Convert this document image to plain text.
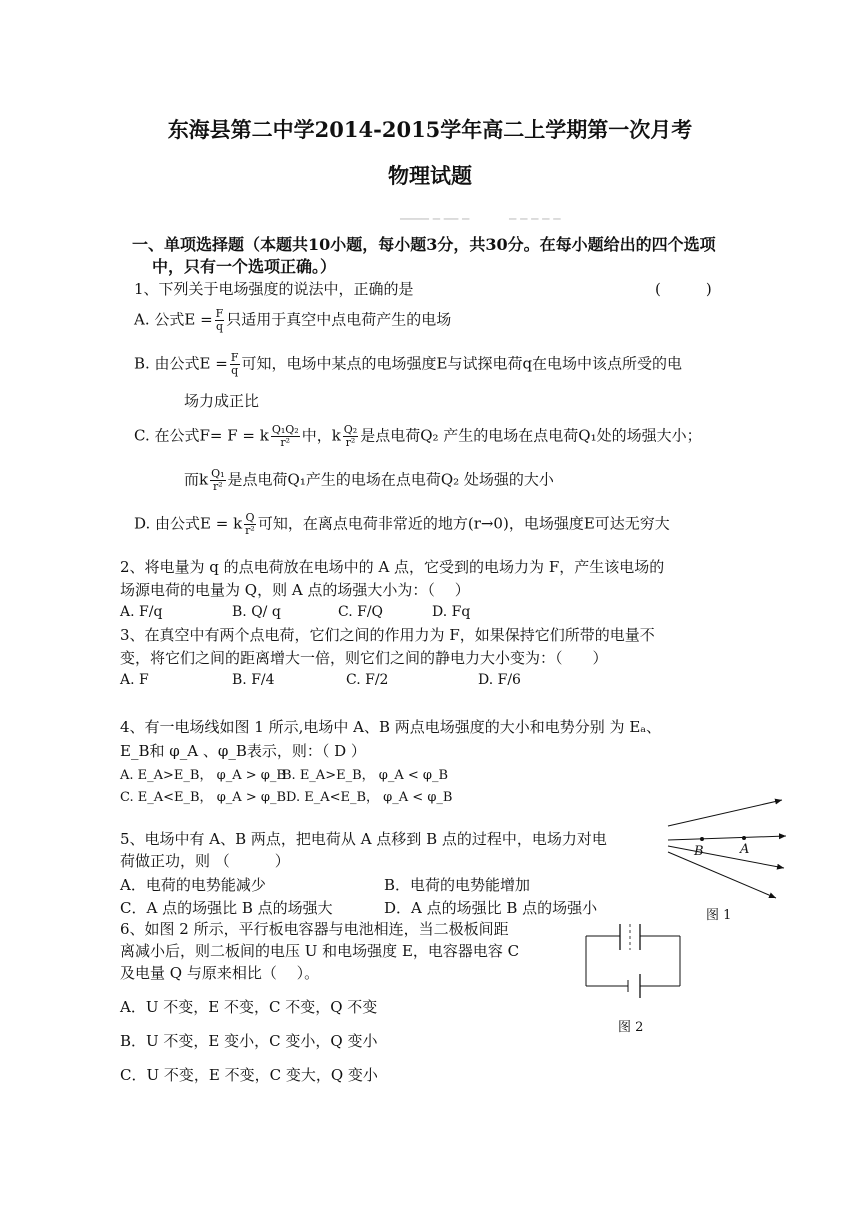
东海县第二中学2014-2015学年高二上学期第一次月考
物理试题
──── ─ ── ─　　　 ─ ─ ─ ─ ─
一、单项选择题（本题共10小题，每小题3分，共30分。在每小题给出的四个选项
中，只有一个选项正确。）
1、下列关于电场强度的说法中，正确的是	(　　　)
A. 公式$E = \frac{F}{q}$ 只适用于真空中点电荷产生的电场
B. 由公式$E = \frac{F}{q}$ 可知，电场中某点的电场强度E与试探电荷q在电场中该点所受的电
场力成正比
C. 在公式F= F = k $\frac{\text{Q₁Q₂}}{\text{r²}}$ 中，k $\frac{\text{Q₂}}{\text{r²}}$ 是点电荷Q₂ 产生的电场在点电荷Q₁处的场强大小；
而k $\frac{\text{Q₁}}{\text{r²}}$ 是点电荷Q₁产生的电场在点电荷Q₂ 处场强的大小
D. 由公式E = k $\frac{Q}{\text{r²}}$ 可知，在离点电荷非常近的地方(r→0)，电场强度E可达无穷大
2、将电量为 q 的点电荷放在电场中的 A 点，它受到的电场力为 F，产生该电场的
场源电荷的电量为 Q，则 A 点的场强大小为：（　 ）
A. F/q	B. Q/ q	C. F/Q	D. Fq
3、在真空中有两个点电荷，它们之间的作用力为 F，如果保持它们所带的电量不
变，将它们之间的距离增大一倍，则它们之间的静电力大小变为：（　　）
A. F	B. F/4	C. F/2	D. F/6
4、有一电场线如图 1 所示,电场中 A、B 两点电场强度的大小和电势分别 为 Eₐ、
E_B和 φ_A 、φ_B表示，则：（ D ）
A. E_A>E_B， φ_A > φ_B
B. E_A>E_B， φ_A < φ_B
C. E_A<E_B， φ_A > φ_B D. E_A<E_B， φ_A < φ_B
5、电场中有 A、B 两点，把电荷从 A 点移到 B 点的过程中，电场力对电
荷做正功，则 （　　　）
A．电荷的电势能减少	B．电荷的电势能增加
C．A 点的场强比 B 点的场强大	D．A 点的场强比 B 点的场强小
B	A
图 1
6、如图 2 所示，平行板电容器与电池相连，当二极板间距
离减小后，则二板间的电压 U 和电场强度 E，电容器电容 C
及电量 Q 与原来相比（　 ）。
A．U 不变，E 不变，C 不变，Q 不变
B．U 不变，E 变小，C 变小，Q 变小
C．U 不变，E 不变，C 变大，Q 变小
图 2
